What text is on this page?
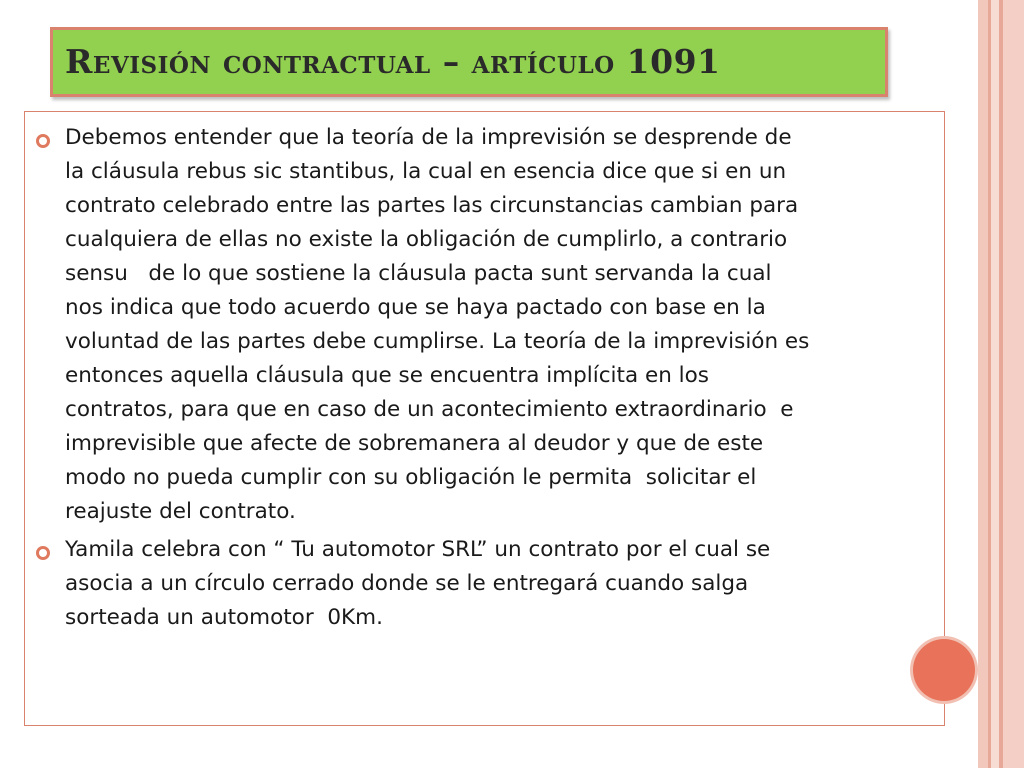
Revisión contractual – artículo 1091
Debemos entender que la teoría de la imprevisión se desprende de
la cláusula rebus sic stantibus, la cual en esencia dice que si en un
contrato celebrado entre las partes las circunstancias cambian para
cualquiera de ellas no existe la obligación de cumplirlo, a contrario
sensu   de lo que sostiene la cláusula pacta sunt servanda la cual
nos indica que todo acuerdo que se haya pactado con base en la
voluntad de las partes debe cumplirse. La teoría de la imprevisión es
entonces aquella cláusula que se encuentra implícita en los
contratos, para que en caso de un acontecimiento extraordinario  e
imprevisible que afecte de sobremanera al deudor y que de este
modo no pueda cumplir con su obligación le permita  solicitar el
reajuste del contrato.
Yamila celebra con “ Tu automotor SRL” un contrato por el cual se
asocia a un círculo cerrado donde se le entregará cuando salga
sorteada un automotor  0Km.
